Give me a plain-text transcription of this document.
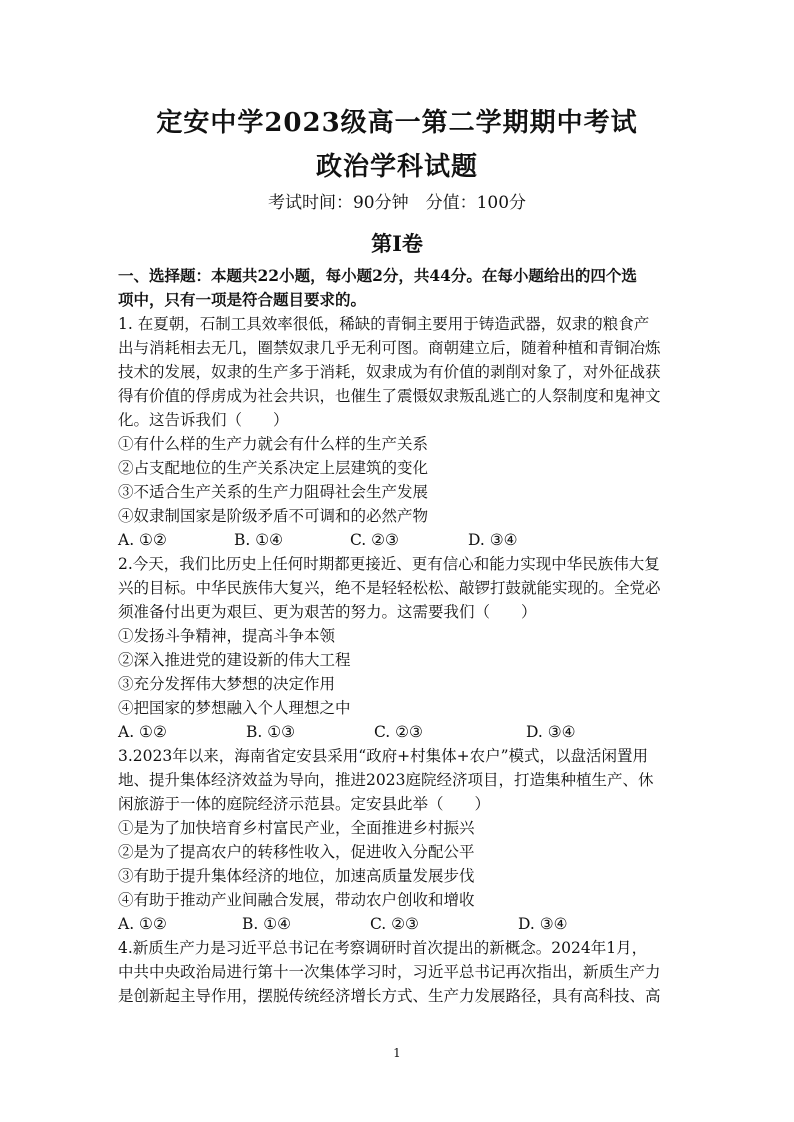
定安中学2023级高一第二学期期中考试
政治学科试题
考试时间：90分钟　分值：100分
第Ⅰ卷
一、选择题：本题共22小题，每小题2分，共44分。在每小题给出的四个选
项中，只有一项是符合题目要求的。
1. 在夏朝，石制工具效率很低，稀缺的青铜主要用于铸造武器，奴隶的粮食产
出与消耗相去无几，圈禁奴隶几乎无利可图。商朝建立后，随着种植和青铜冶炼
技术的发展，奴隶的生产多于消耗，奴隶成为有价值的剥削对象了，对外征战获
得有价值的俘虏成为社会共识，也催生了震慑奴隶叛乱逃亡的人祭制度和鬼神文
化。这告诉我们（　　）
①有什么样的生产力就会有什么样的生产关系
②占支配地位的生产关系决定上层建筑的变化
③不适合生产关系的生产力阻碍社会生产发展
④奴隶制国家是阶级矛盾不可调和的必然产物
A. ①②	B. ①④	C. ②③	D. ③④
2.今天，我们比历史上任何时期都更接近、更有信心和能力实现中华民族伟大复
兴的目标。中华民族伟大复兴，绝不是轻轻松松、敲锣打鼓就能实现的。全党必
须准备付出更为艰巨、更为艰苦的努力。这需要我们（　　）
①发扬斗争精神，提高斗争本领
②深入推进党的建设新的伟大工程
③充分发挥伟大梦想的决定作用
④把国家的梦想融入个人理想之中
A. ①②	B. ①③	C. ②③	D. ③④
3.2023年以来，海南省定安县采用“政府+村集体+农户”模式，以盘活闲置用
地、提升集体经济效益为导向，推进2023庭院经济项目，打造集种植生产、休
闲旅游于一体的庭院经济示范县。定安县此举（　　）
①是为了加快培育乡村富民产业，全面推进乡村振兴
②是为了提高农户的转移性收入，促进收入分配公平
③有助于提升集体经济的地位，加速高质量发展步伐
④有助于推动产业间融合发展，带动农户创收和增收
A. ①②	B. ①④	C. ②③	D. ③④
4.新质生产力是习近平总书记在考察调研时首次提出的新概念。2024年1月，
中共中央政治局进行第十一次集体学习时，习近平总书记再次指出，新质生产力
是创新起主导作用，摆脱传统经济增长方式、生产力发展路径，具有高科技、高
1
